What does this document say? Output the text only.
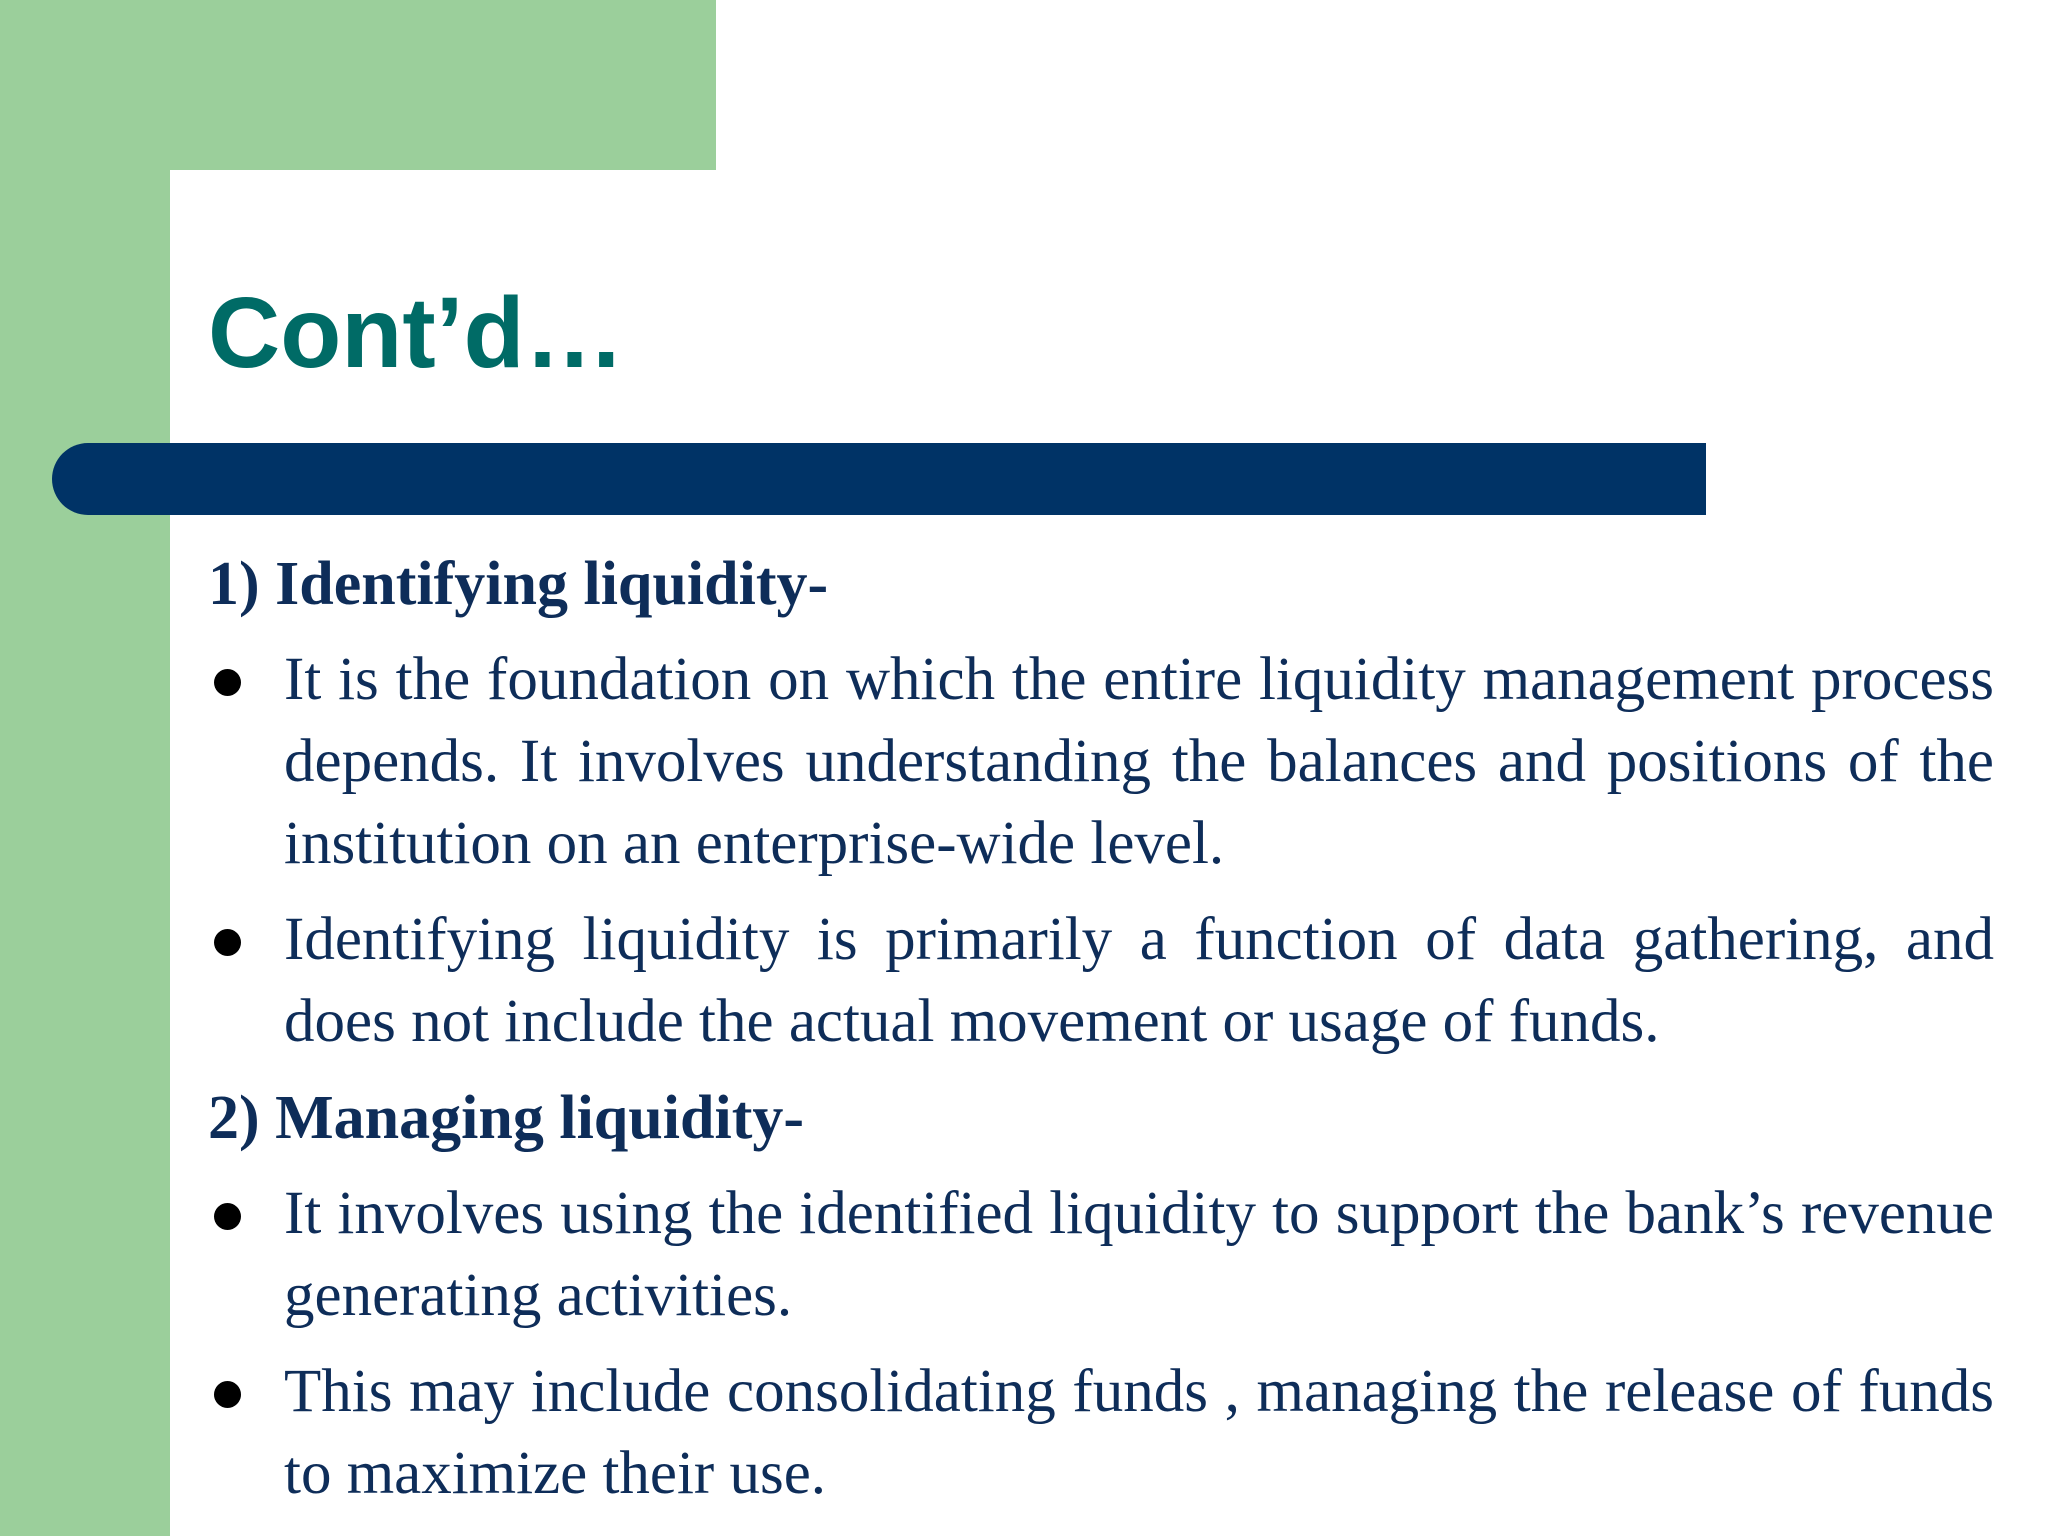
Cont’d…

1) Identifying liquidity-

It is the foundation on which the entire liquidity management process depends. It involves understanding the balances and positions of the institution on an enterprise-wide level.
Identifying liquidity is primarily a function of data gathering, and does not include the actual movement or usage of funds.

2) Managing liquidity-

It involves using the identified liquidity to support the bank’s revenue generating activities.
This may include consolidating funds , managing the release of funds to maximize their use.
